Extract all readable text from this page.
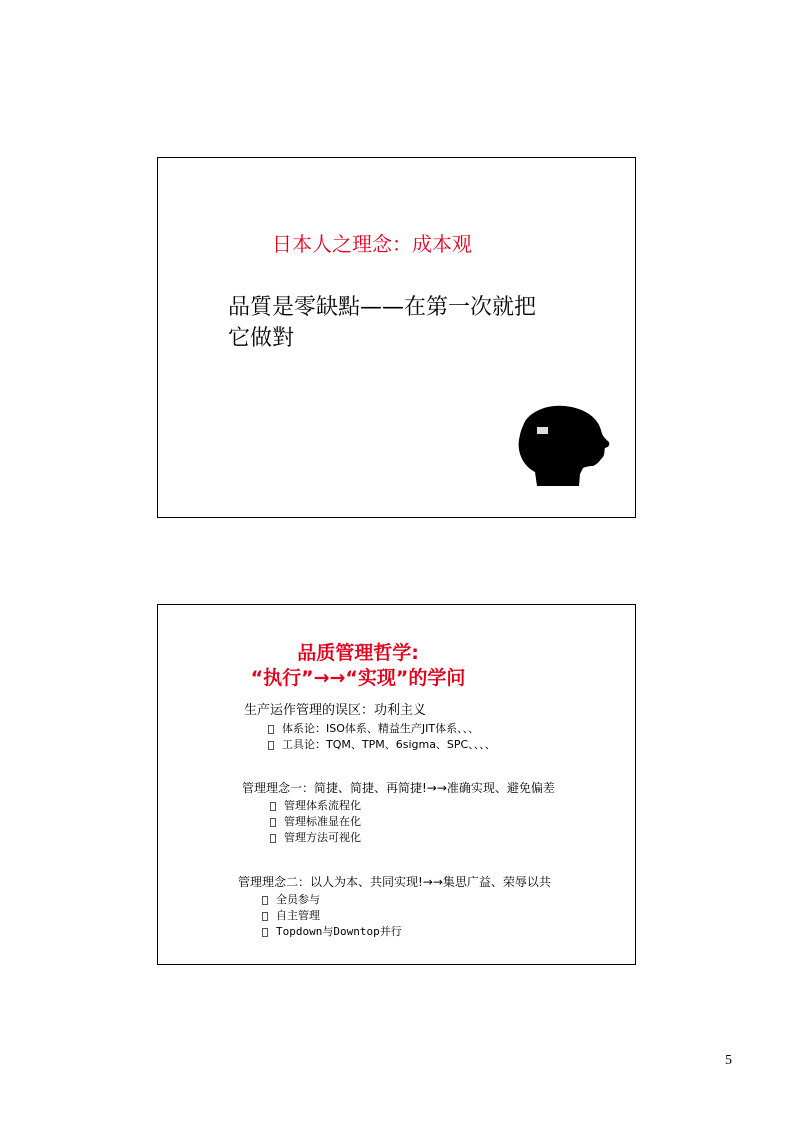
日本人之理念：成本观
品質是零缺點——在第一次就把
它做對
品质管理哲学:
“执行”→→“实现”的学问
生产运作管理的误区：功利主义
体系论：ISO体系、精益生产JIT体系、、、
工具论：TQM、TPM、6sigma、SPC、、、、
管理理念一：简捷、简捷、再简捷!→→准确实现、避免偏差
管理体系流程化
管理标准显在化
管理方法可视化
管理理念二：以人为本、共同实现!→→集思广益、荣辱以共
全员参与
自主管理
Topdown与Downtop并行
5
